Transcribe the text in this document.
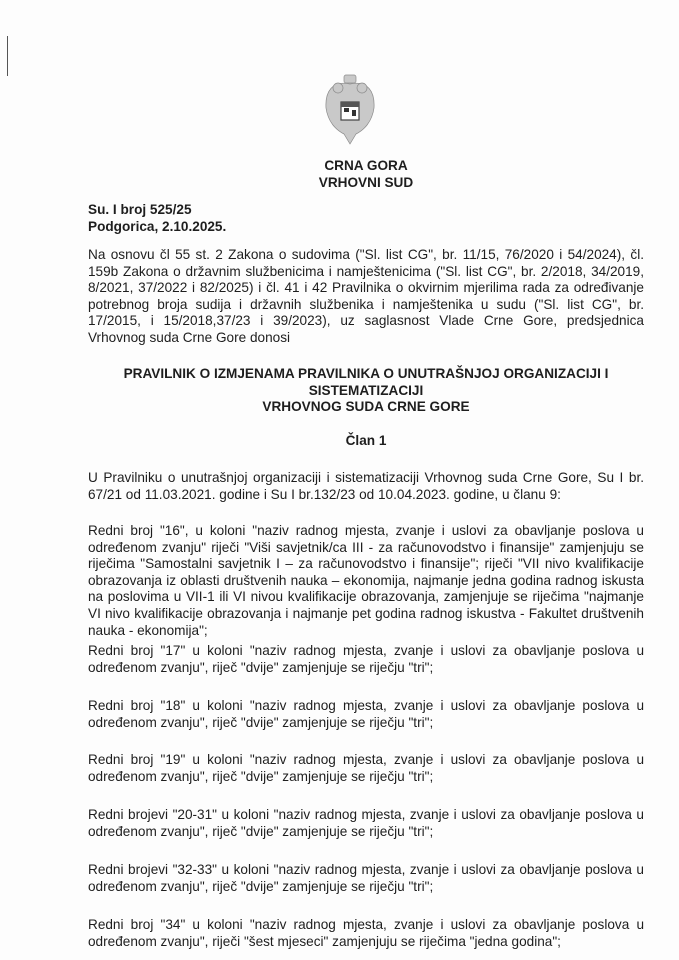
CRNA GORA
VRHOVNI SUD
Su. I broj 525/25
Podgorica, 2.10.2025.

Na osnovu čl 55 st. 2 Zakona o sudovima ("Sl. list CG", br. 11/15, 76/2020 i 54/2024), čl. 159b Zakona o državnim službenicima i namještenicima ("Sl. list CG", br. 2/2018, 34/2019, 8/2021, 37/2022 i 82/2025) i čl. 41 i 42 Pravilnika o okvirnim mjerilima rada za određivanje potrebnog broja sudija i državnih službenika i namještenika u sudu ("Sl. list CG", br. 17/2015, i 15/2018,37/23 i 39/2023), uz saglasnost Vlade Crne Gore, predsjednica Vrhovnog suda Crne Gore donosi

PRAVILNIK O IZMJENAMA PRAVILNIKA O UNUTRAŠNJOJ ORGANIZACIJI I
SISTEMATIZACIJI
VRHOVNOG SUDA CRNE GORE
Član 1

U Pravilniku o unutrašnjoj organizaciji i sistematizaciji Vrhovnog suda Crne Gore, Su I br. 67/21 od 11.03.2021. godine i Su I br.132/23 od 10.04.2023. godine, u članu 9:

Redni broj "16", u koloni "naziv radnog mjesta, zvanje i uslovi za obavljanje poslova u određenom zvanju" riječi "Viši savjetnik/ca III - za računovodstvo i finansije" zamjenjuju se riječima "Samostalni savjetnik I – za računovodstvo i finansije"; riječi "VII nivo kvalifikacije obrazovanja iz oblasti društvenih nauka – ekonomija, najmanje jedna godina radnog iskusta na poslovima u VII-1 ili VI nivou kvalifikacije obrazovanja, zamjenjuje se riječima "najmanje VI nivo kvalifikacije obrazovanja i najmanje pet godina radnog iskustva - Fakultet društvenih nauka - ekonomija";

Redni broj "17" u koloni "naziv radnog mjesta, zvanje i uslovi za obavljanje poslova u određenom zvanju", riječ "dvije" zamjenjuje se riječju "tri";

Redni broj "18" u koloni "naziv radnog mjesta, zvanje i uslovi za obavljanje poslova u određenom zvanju", riječ "dvije" zamjenjuje se riječju "tri";

Redni broj "19" u koloni "naziv radnog mjesta, zvanje i uslovi za obavljanje poslova u određenom zvanju", riječ "dvije" zamjenjuje se riječju "tri";

Redni brojevi "20-31" u koloni "naziv radnog mjesta, zvanje i uslovi za obavljanje poslova u određenom zvanju", riječ "dvije" zamjenjuje se riječju "tri";

Redni brojevi "32-33" u koloni "naziv radnog mjesta, zvanje i uslovi za obavljanje poslova u određenom zvanju", riječ "dvije" zamjenjuje se riječju "tri";

Redni broj "34" u koloni "naziv radnog mjesta, zvanje i uslovi za obavljanje poslova u određenom zvanju", riječi "šest mjeseci" zamjenjuju se riječima "jedna godina";
